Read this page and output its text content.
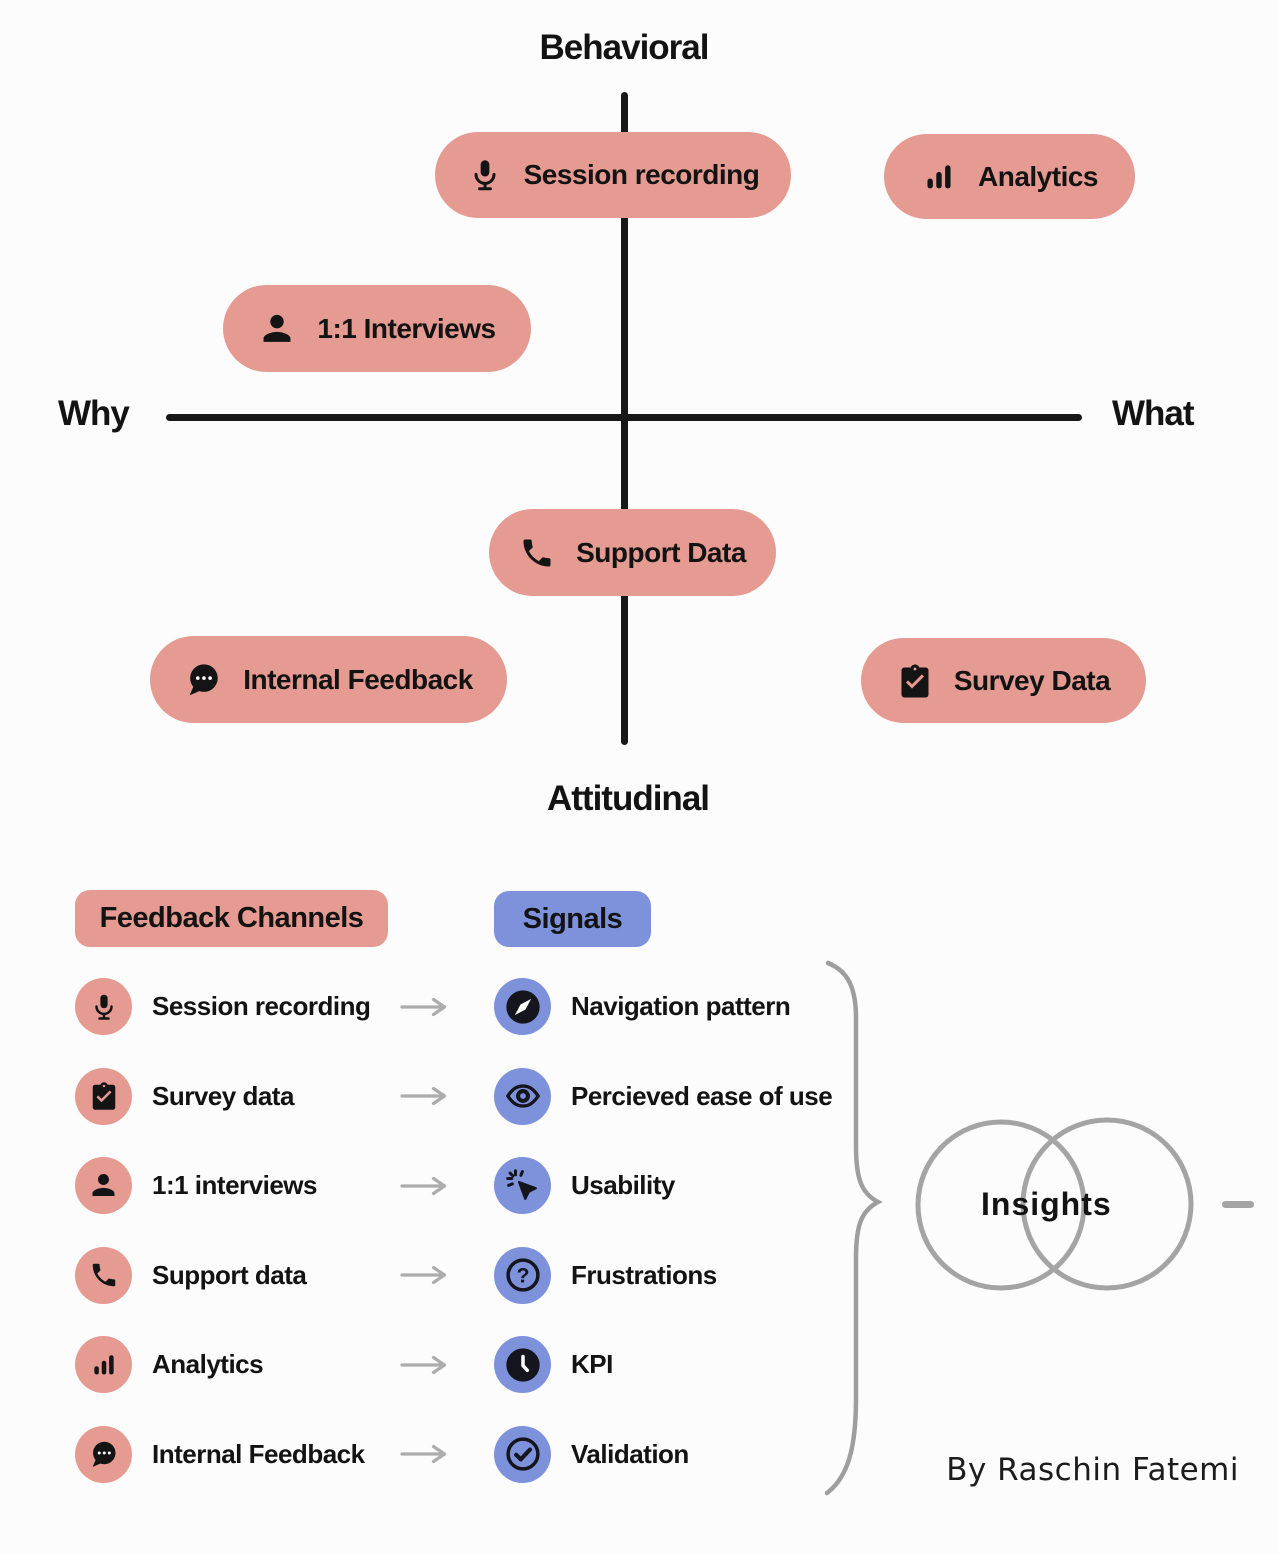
Behavioral
Attitudinal
Why	What
Session recording	Analytics
1:1 Interviews
Support Data
Internal Feedback	Survey Data
Feedback Channels	Signals
Session recording	Navigation pattern
Survey data	Percieved ease of use
1:1 interviews	Usability
Support data	Frustrations
Analytics	KPI
Internal Feedback	Validation
Insights
By Raschin Fatemi
